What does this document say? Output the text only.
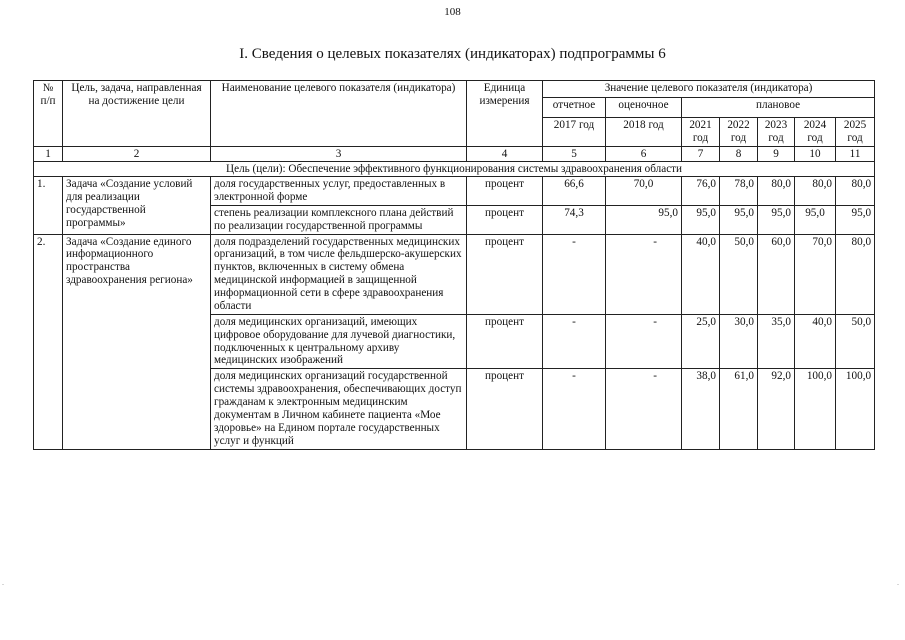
108
I. Сведения о целевых показателях (индикаторах) подпрограммы 6
№ п/п	Цель, задача, направленная на достижение цели	Наименование целевого показателя (индикатора)	Единица измерения	Значение целевого показателя (индикатора)						
				отчетное	оценочное	плановое				
				2017 год	2018 год	2021 год	2022 год	2023 год	2024 год	2025 год
1	2	3	4	5	6	7	8	9	10	11
Цель (цели): Обеспечение эффективного функционирования системы здравоохранения области										
1.	Задача «Создание условий для реализации государственной программы»	доля государственных услуг, предоставленных в электронной форме	процент	66,6	70,0	76,0	78,0	80,0	80,0	80,0
		степень реализации комплексного плана действий по реализации государственной программы	процент	74,3	95,0	95,0	95,0	95,0	95,0	95,0
2.	Задача «Создание единого информационного пространства здравоохранения региона»	доля подразделений государственных медицинских организаций, в том числе фельдшерско-акушерских пунктов, включенных в систему обмена медицинской информацией в защищенной информационной сети в сфере здравоохранения области	процент	-	-	40,0	50,0	60,0	70,0	80,0
		доля медицинских организаций, имеющих цифровое оборудование для лучевой диагностики, подключенных к центральному архиву медицинских изображений	процент	-	-	25,0	30,0	35,0	40,0	50,0
		доля медицинских организаций государственной системы здравоохранения, обеспечивающих доступ гражданам к электронным медицинским документам в Личном кабинете пациента «Мое здоровье» на Едином портале государственных услуг и функций	процент	-	-	38,0	61,0	92,0	100,0	100,0
.	.
